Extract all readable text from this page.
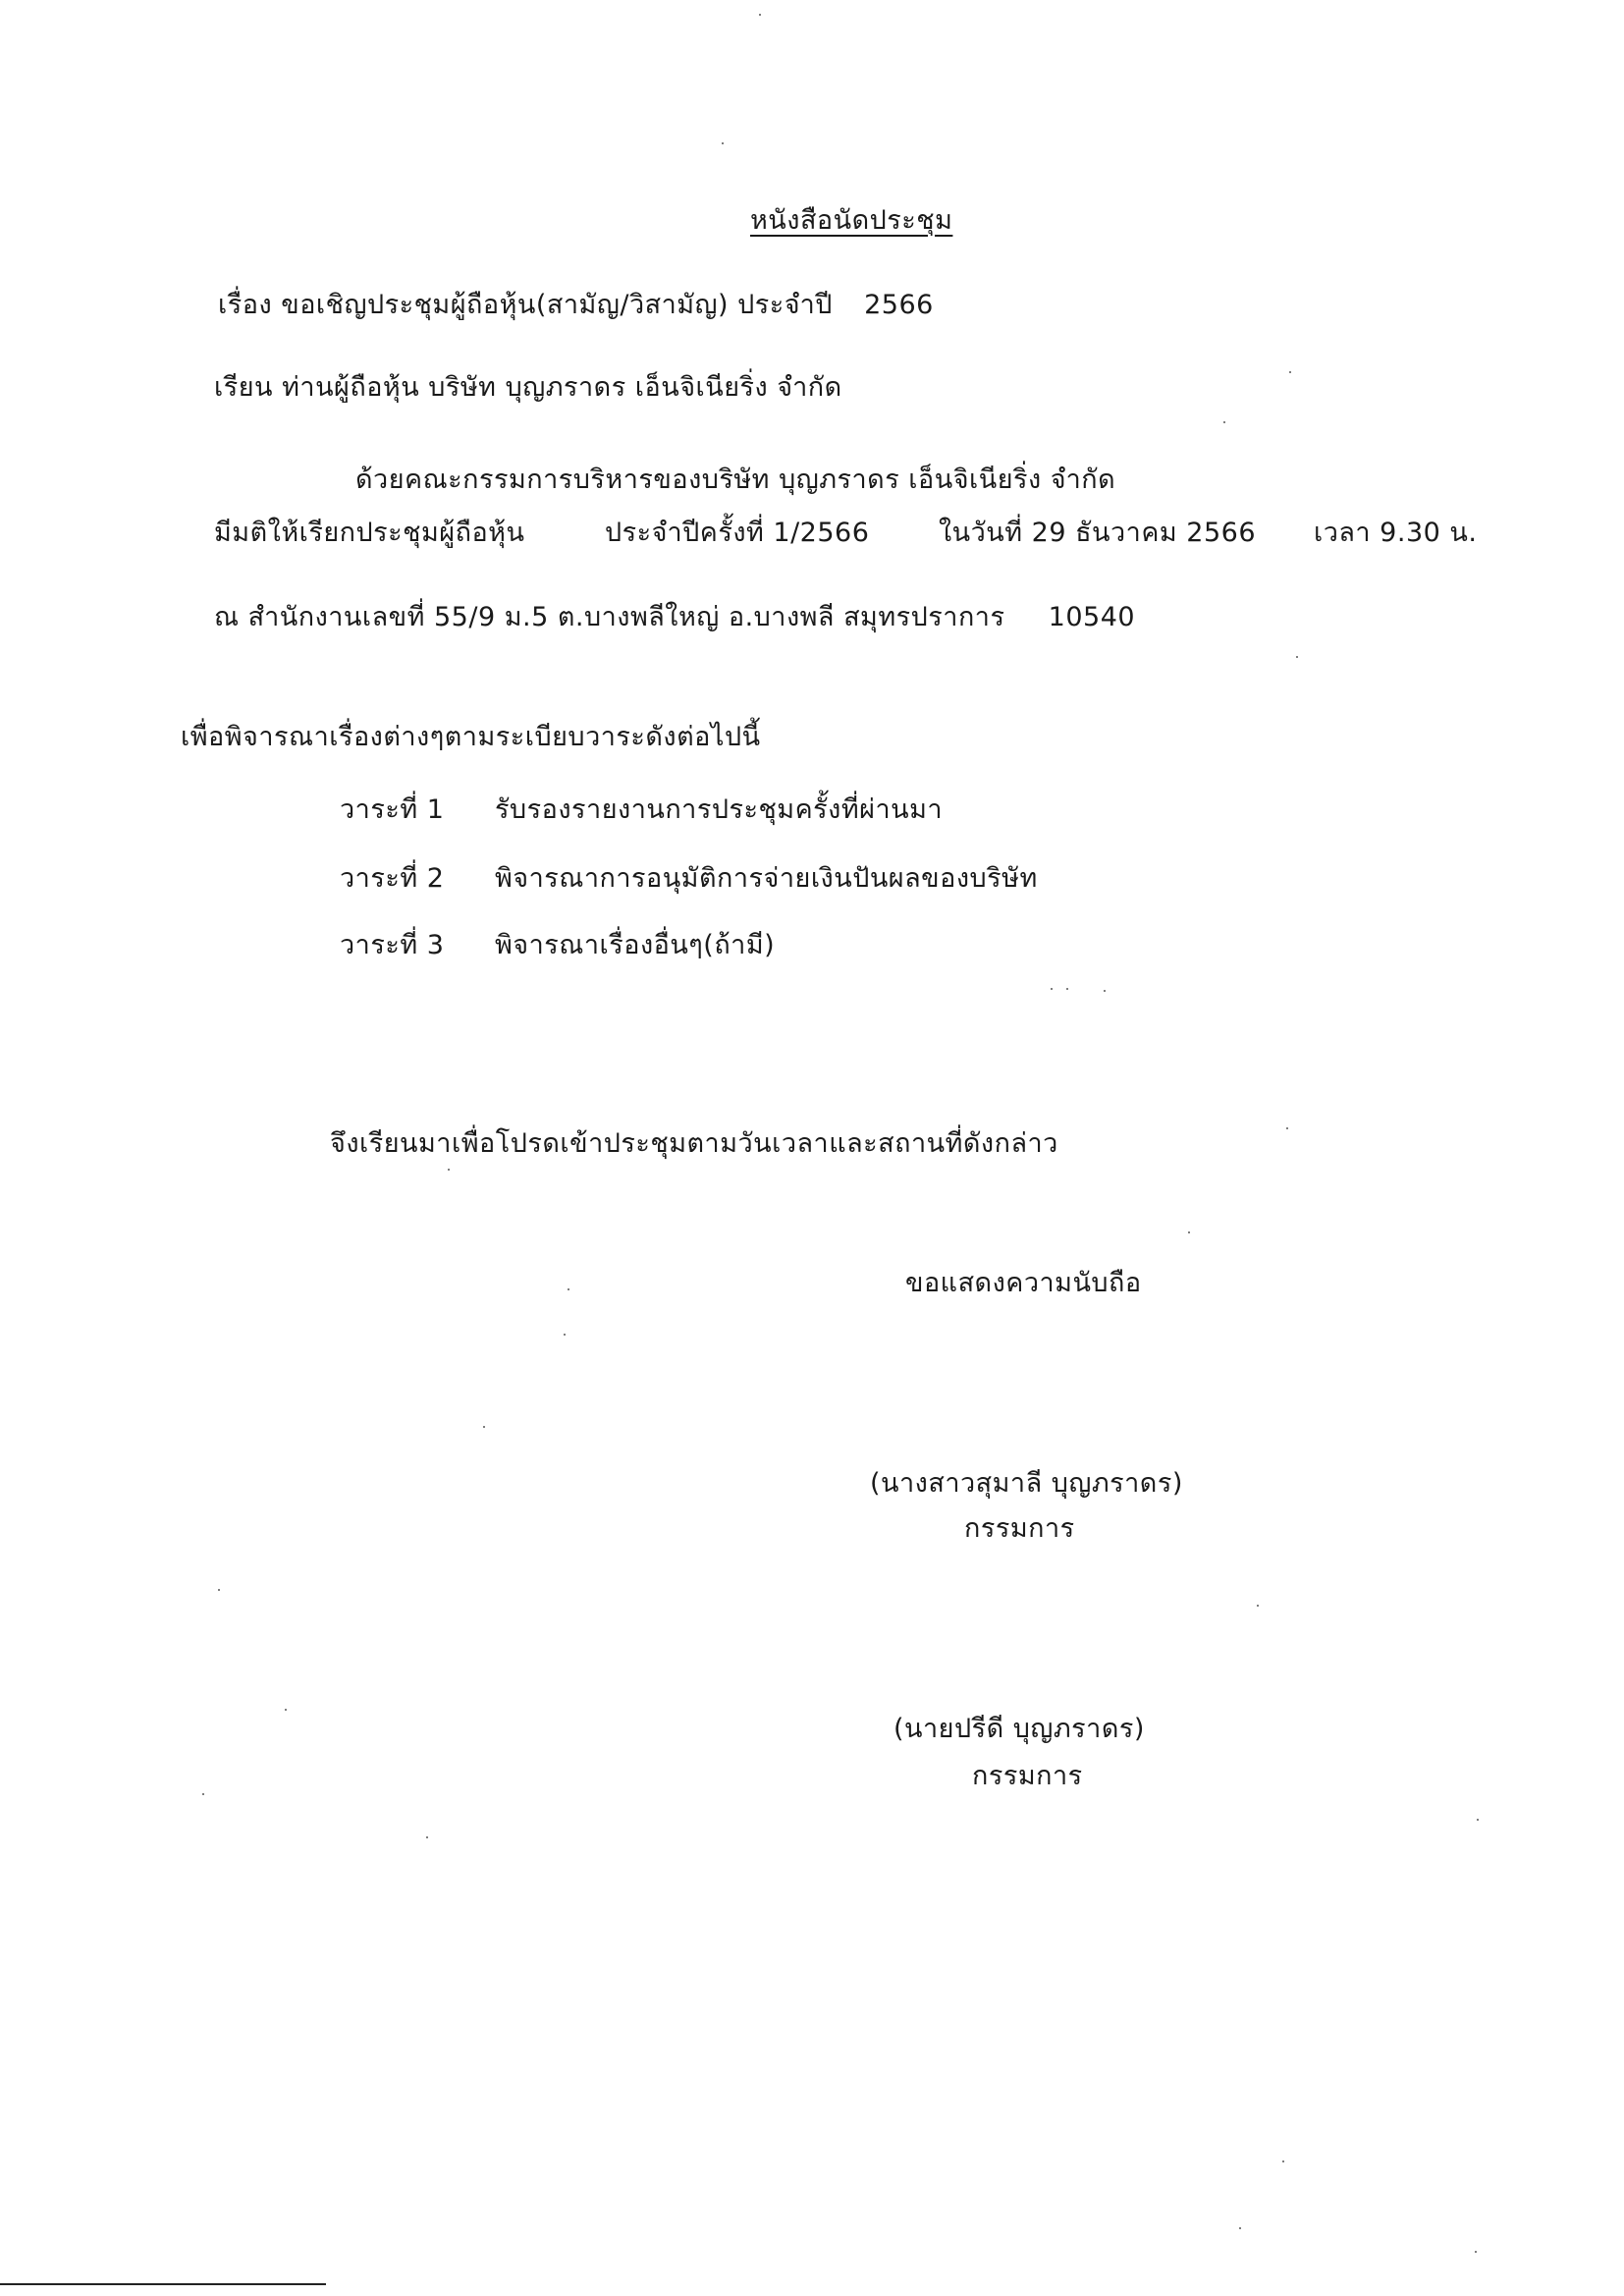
หนังสือนัดประชุม
เรื่อง ขอเชิญประชุมผู้ถือหุ้น(สามัญ/วิสามัญ) ประจำปี 2566
เรียน ท่านผู้ถือหุ้น บริษัท บุญภราดร เอ็นจิเนียริ่ง จำกัด
ด้วยคณะกรรมการบริหารของบริษัท บุญภราดร เอ็นจิเนียริ่ง จำกัด
มีมติให้เรียกประชุมผู้ถือหุ้น	ประจำปีครั้งที่ 1/2566	ในวันที่ 29 ธันวาคม 2566 เวลา 9.30 น.
ณ สำนักงานเลขที่ 55/9 ม.5 ต.บางพลีใหญ่ อ.บางพลี สมุทรปราการ 10540
เพื่อพิจารณาเรื่องต่างๆตามระเบียบวาระดังต่อไปนี้
วาระที่ 1 รับรองรายงานการประชุมครั้งที่ผ่านมา
วาระที่ 2 พิจารณาการอนุมัติการจ่ายเงินปันผลของบริษัท
วาระที่ 3 พิจารณาเรื่องอื่นๆ(ถ้ามี)
จึงเรียนมาเพื่อโปรดเข้าประชุมตามวันเวลาและสถานที่ดังกล่าว
ขอแสดงความนับถือ
(นางสาวสุมาลี บุญภราดร)
กรรมการ
(นายปรีดี บุญภราดร)
กรรมการ
